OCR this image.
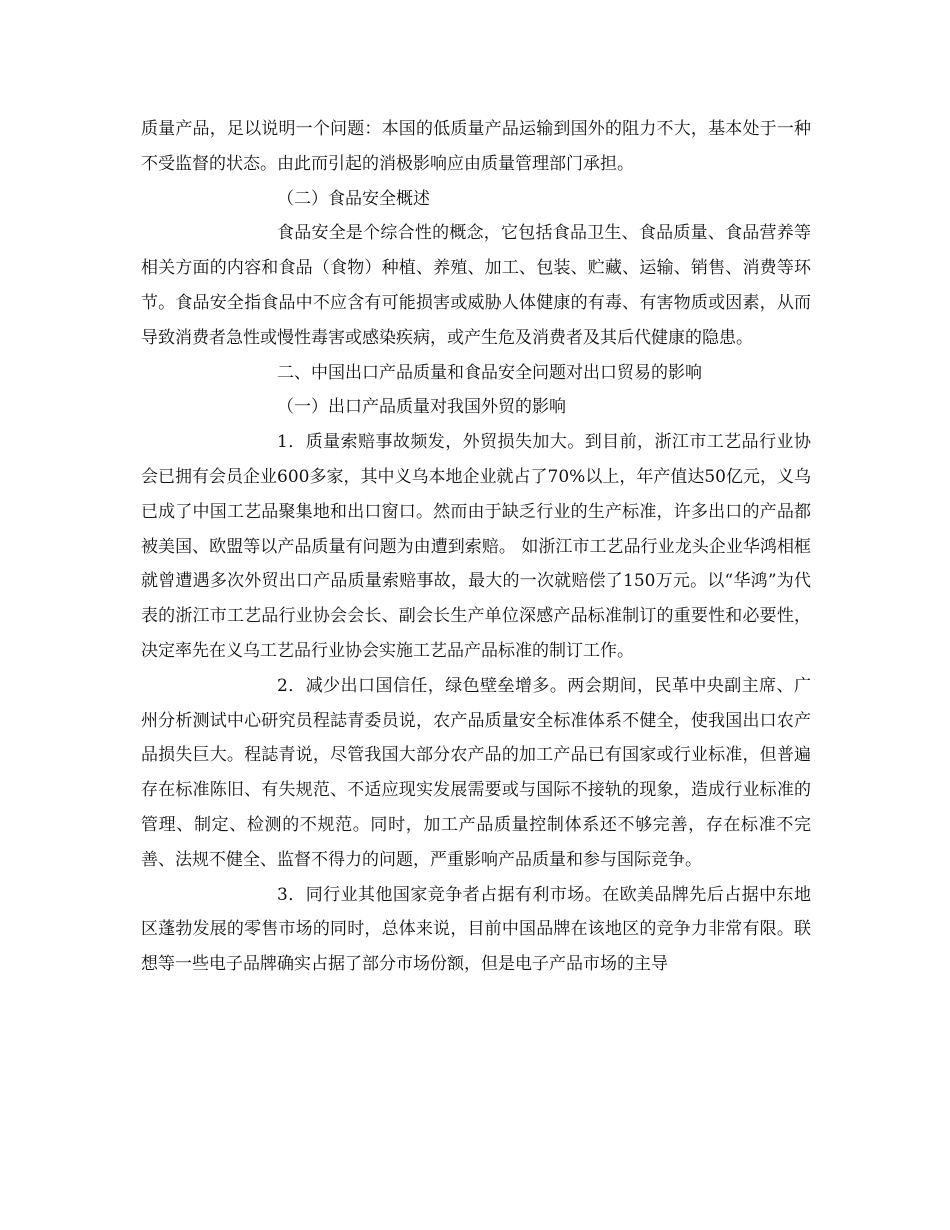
质量产品，足以说明一个问题：本国的低质量产品运输到国外的阻力不大，基本处于一种不受监督的状态。由此而引起的消极影响应由质量管理部门承担。

（二）食品安全概述

食品安全是个综合性的概念，它包括食品卫生、食品质量、食品营养等相关方面的内容和食品（食物）种植、养殖、加工、包装、贮藏、运输、销售、消费等环节。食品安全指食品中不应含有可能损害或威胁人体健康的有毒、有害物质或因素，从而导致消费者急性或慢性毒害或感染疾病，或产生危及消费者及其后代健康的隐患。

二、中国出口产品质量和食品安全问题对出口贸易的影响

（一）出口产品质量对我国外贸的影响

1．质量索赔事故频发，外贸损失加大。到目前，浙江市工艺品行业协会已拥有会员企业600多家，其中义乌本地企业就占了70%以上，年产值达50亿元，义乌已成了中国工艺品聚集地和出口窗口。然而由于缺乏行业的生产标准，许多出口的产品都被美国、欧盟等以产品质量有问题为由遭到索赔。 如浙江市工艺品行业龙头企业华鸿相框就曾遭遇多次外贸出口产品质量索赔事故，最大的一次就赔偿了150万元。以“华鸿”为代表的浙江市工艺品行业协会会长、副会长生产单位深感产品标准制订的重要性和必要性，决定率先在义乌工艺品行业协会实施工艺品产品标准的制订工作。

2．减少出口国信任，绿色壁垒增多。两会期间，民革中央副主席、广州分析测试中心研究员程誌青委员说，农产品质量安全标准体系不健全，使我国出口农产品损失巨大。程誌青说，尽管我国大部分农产品的加工产品已有国家或行业标准，但普遍存在标准陈旧、有失规范、不适应现实发展需要或与国际不接轨的现象，造成行业标准的管理、制定、检测的不规范。同时，加工产品质量控制体系还不够完善，存在标准不完善、法规不健全、监督不得力的问题，严重影响产品质量和参与国际竞争。

3．同行业其他国家竞争者占据有利市场。在欧美品牌先后占据中东地区蓬勃发展的零售市场的同时，总体来说，目前中国品牌在该地区的竞争力非常有限。联想等一些电子品牌确实占据了部分市场份额，但是电子产品市场的主导
